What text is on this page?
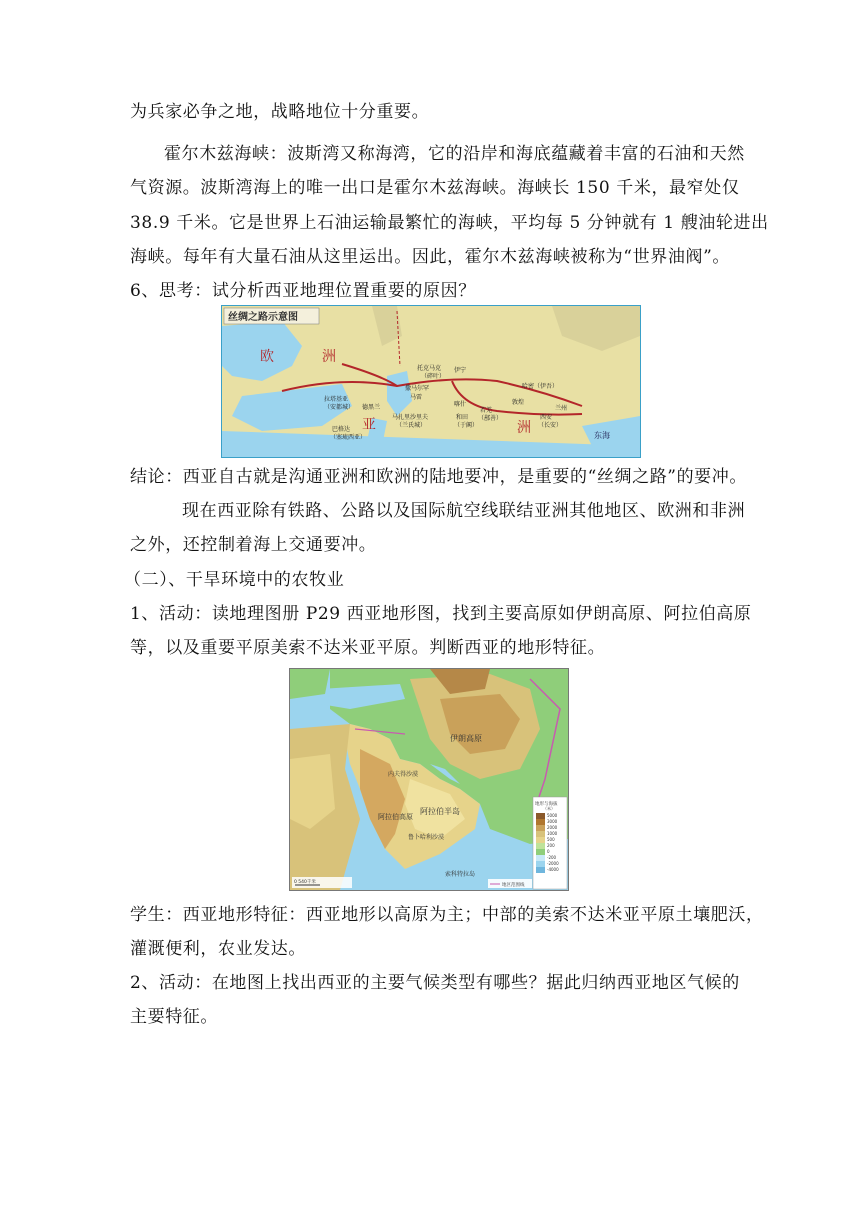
为兵家必争之地，战略地位十分重要。
霍尔木兹海峡：波斯湾又称海湾，它的沿岸和海底蕴藏着丰富的石油和天然
气资源。波斯湾海上的唯一出口是霍尔木兹海峡。海峡长 150 千米，最窄处仅
38.9 千米。它是世界上石油运输最繁忙的海峡，平均每 5 分钟就有 1 艘油轮进出
海峡。每年有大量石油从这里运出。因此，霍尔木兹海峡被称为“世界油阀”。
6、思考：试分析西亚地理位置重要的原因？
丝绸之路示意图
欧	洲
亚	洲
托克马克
（碎叶）
伊宁
哈密（伊吾）
撒马尔罕
马雷
拉塔基亚
（安都城） 德黑兰	喀什	敦煌
兰州
马扎里沙里夫
（兰氏城）
巴格达
（塞琉西亚）
和田
（于阗）
若羌
（鄯善）	西安
（长安）
东海
结论：西亚自古就是沟通亚洲和欧洲的陆地要冲，是重要的“丝绸之路”的要冲。
现在西亚除有铁路、公路以及国际航空线联结亚洲其他地区、欧洲和非洲
之外，还控制着海上交通要冲。
（二）、干旱环境中的农牧业
1、活动：读地理图册 P29 西亚地形图，找到主要高原如伊朗高原、阿拉伯高原
等，以及重要平原美索不达米亚平原。判断西亚的地形特征。
伊朗高原
阿拉伯半岛
阿拉伯高原
内夫得沙漠
鲁卜哈利沙漠
索科特拉岛
地形与海拔
（米）
5000
3000
2000
1000
500
200
0
-200
-2000
-4000
0 540千米
地区范围线
学生：西亚地形特征：西亚地形以高原为主；中部的美索不达米亚平原土壤肥沃，
灌溉便利，农业发达。
2、活动：在地图上找出西亚的主要气候类型有哪些？据此归纳西亚地区气候的
主要特征。
